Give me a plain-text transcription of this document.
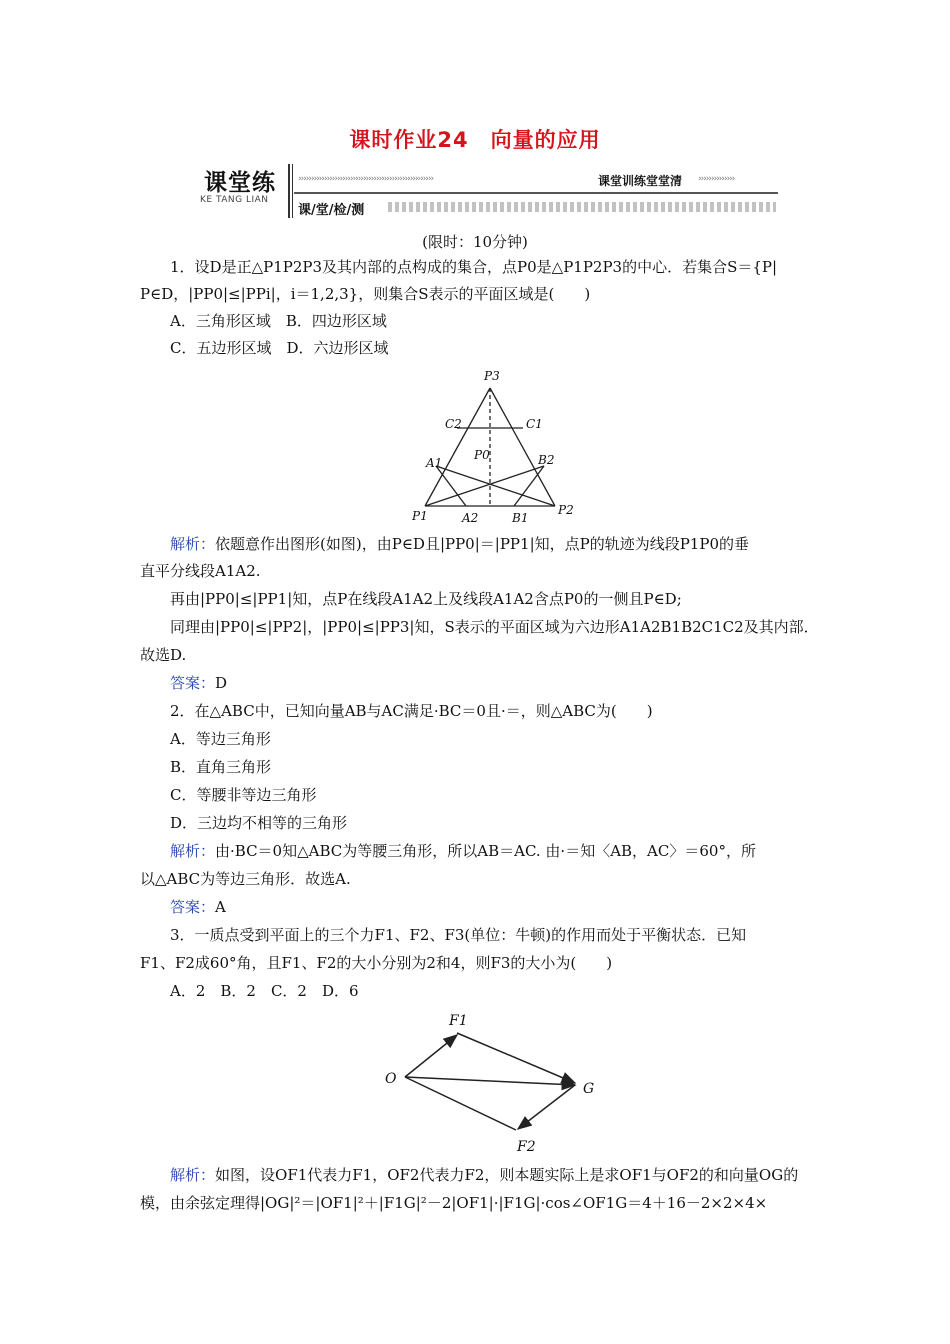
课时作业24　向量的应用
课堂练
KE TANG LIAN
››››››››››››››››››››››››››››››››››››››››››››››››››››	课堂训练堂堂清 ››››››››››››››
课/堂/检/测
(限时：10分钟)
1．设D是正△P1P2P3及其内部的点构成的集合，点P0是△P1P2P3的中心．若集合S＝{P|
P∈D，|PP0|≤|PPi|，i＝1,2,3}，则集合S表示的平面区域是(　　)
A．三角形区域　B．四边形区域
C．五边形区域　D．六边形区域
P3
C2	C1
P0
A1	B2
P1	A2	B1
P2
解析：依题意作出图形(如图)，由P∈D且|PP0|＝|PP1|知，点P的轨迹为线段P1P0的垂
直平分线段A1A2.
再由|PP0|≤|PP1|知，点P在线段A1A2上及线段A1A2含点P0的一侧且P∈D;
同理由|PP0|≤|PP2|，|PP0|≤|PP3|知，S表示的平面区域为六边形A1A2B1B2C1C2及其内部．
故选D.
答案：D
2．在△ABC中，已知向量AB与AC满足·BC＝0且·＝，则△ABC为(　　)
A．等边三角形
B．直角三角形
C．等腰非等边三角形
D．三边均不相等的三角形
解析：由·BC＝0知△ABC为等腰三角形，所以AB＝AC. 由·＝知〈AB，AC〉＝60°，所
以△ABC为等边三角形．故选A.
答案：A
3．一质点受到平面上的三个力F1、F2、F3(单位：牛顿)的作用而处于平衡状态．已知
F1、F2成60°角，且F1、F2的大小分别为2和4，则F3的大小为(　　)
A．2　B．2　C．2　D．6
F1
O
G
F2
解析：如图，设OF1代表力F1，OF2代表力F2，则本题实际上是求OF1与OF2的和向量OG的
模，由余弦定理得|OG|²＝|OF1|²＋|F1G|²－2|OF1|·|F1G|·cos∠OF1G＝4＋16－2×2×4×
